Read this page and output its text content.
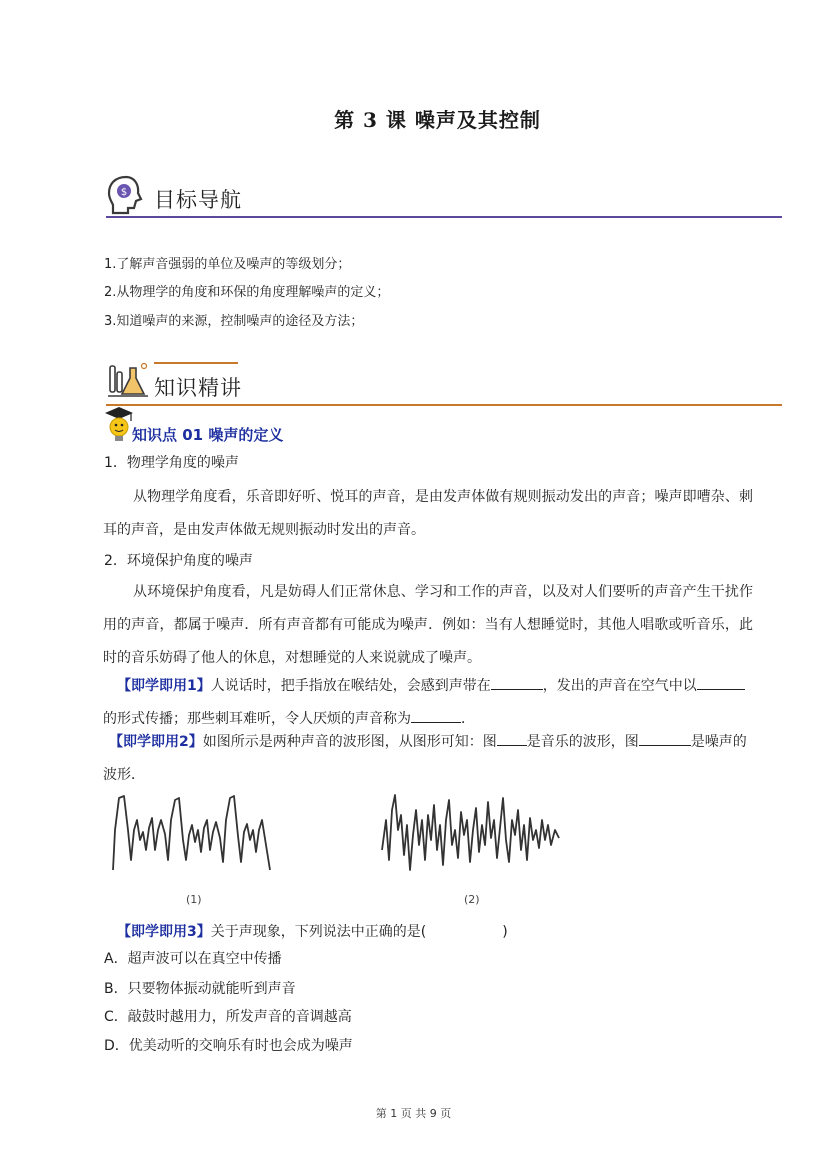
第 3 课 噪声及其控制
$ 目标导航
1.了解声音强弱的单位及噪声的等级划分；
2.从物理学的角度和环保的角度理解噪声的定义；
3.知道噪声的来源，控制噪声的途径及方法；
知识精讲
知识点 01 噪声的定义
1．物理学角度的噪声
从物理学角度看，乐音即好听、悦耳的声音，是由发声体做有规则振动发出的声音；噪声即嘈杂、刺耳的声音，是由发声体做无规则振动时发出的声音。
2．环境保护角度的噪声
从环境保护角度看，凡是妨碍人们正常休息、学习和工作的声音，以及对人们要听的声音产生干扰作用的声音，都属于噪声．所有声音都有可能成为噪声．例如：当有人想睡觉时，其他人唱歌或听音乐，此时的音乐妨碍了他人的休息，对想睡觉的人来说就成了噪声。
【即学即用1】人说话时，把手指放在喉结处，会感到声带在	，发出的声音在空气中以
的形式传播；那些刺耳难听，令人厌烦的声音称为	．
【即学即用2】如图所示是两种声音的波形图，从图形可知：图 是音乐的波形，图	是噪声的波形．
(1)	(2)
【即学即用3】关于声现象，下列说法中正确的是(	)
A．超声波可以在真空中传播
B．只要物体振动就能听到声音
C．敲鼓时越用力，所发声音的音调越高
D．优美动听的交响乐有时也会成为噪声
第 1 页 共 9 页
